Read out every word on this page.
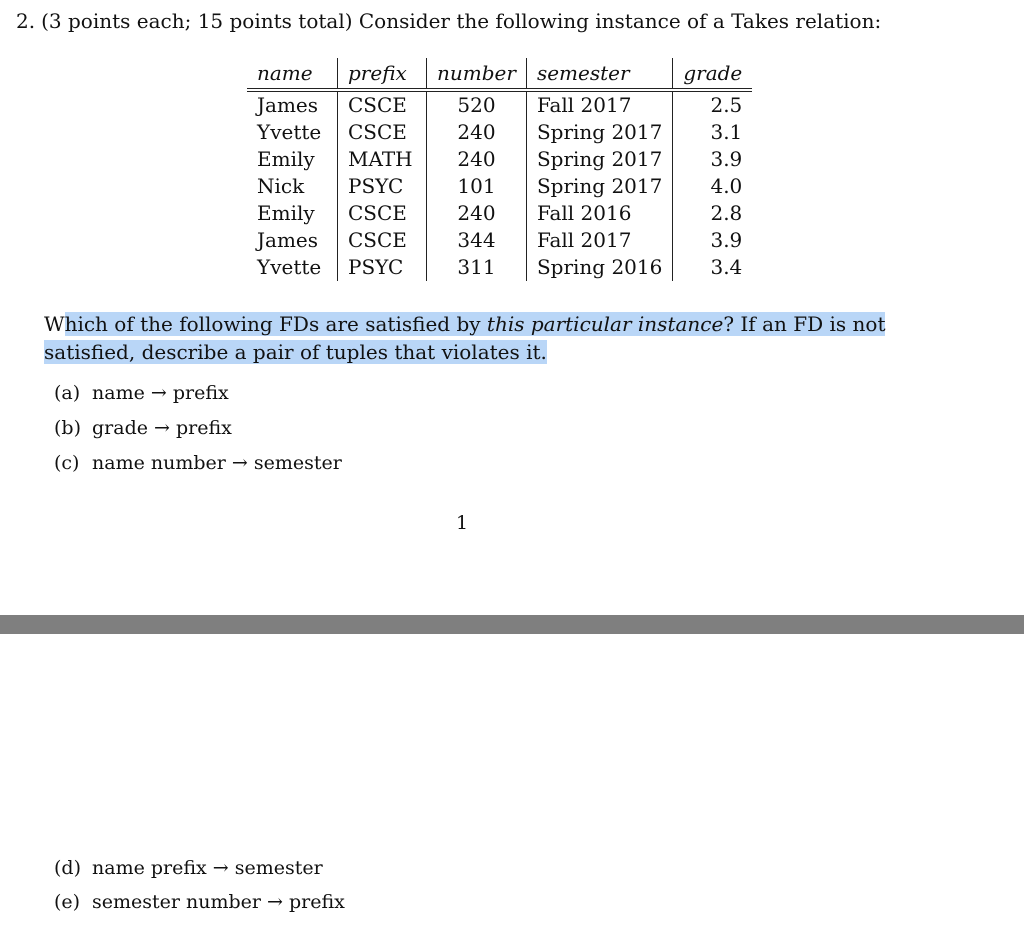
2. (3 points each; 15 points total) Consider the following instance of a Takes relation:
name	prefix	number	semester	grade
James	CSCE	520	Fall 2017	2.5
Yvette	CSCE	240	Spring 2017	3.1
Emily	MATH	240	Spring 2017	3.9
Nick	PSYC	101	Spring 2017	4.0
Emily	CSCE	240	Fall 2016	2.8
James	CSCE	344	Fall 2017	3.9
Yvette	PSYC	311	Spring 2016	3.4
Which of the following FDs are satisfied by this particular instance? If an FD is not satisfied, describe a pair of tuples that violates it.
(a) name → prefix
(b) grade → prefix
(c) name number → semester
1
(d) name prefix → semester
(e) semester number → prefix
